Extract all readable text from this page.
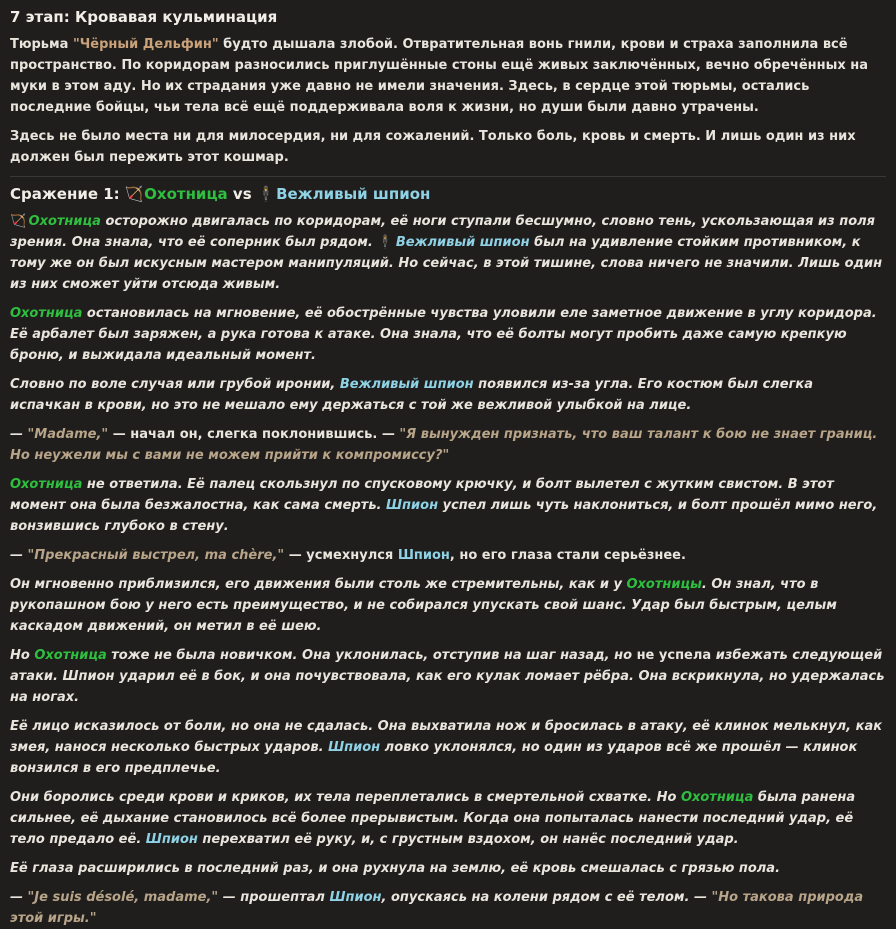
7 этап: Кровавая кульминация

Тюрьма "Чёрный Дельфин" будто дышала злобой. Отвратительная вонь гнили, крови и страха заполнила всё пространство. По коридорам разносились приглушённые стоны ещё живых заключённых, вечно обречённых на муки в этом аду. Но их страдания уже давно не имели значения. Здесь, в сердце этой тюрьмы, остались последние бойцы, чьи тела всё ещё поддерживала воля к жизни, но души были давно утрачены.

Здесь не было места ни для милосердия, ни для сожалений. Только боль, кровь и смерть. И лишь один из них должен был пережить этот кошмар.

Сражение 1: 🏹 Охотница vs 🕴 Вежливый шпион

🏹 Охотница осторожно двигалась по коридорам, её ноги ступали бесшумно, словно тень, ускользающая из поля зрения. Она знала, что её соперник был рядом. 🕴 Вежливый шпион был на удивление стойким противником, к тому же он был искусным мастером манипуляций. Но сейчас, в этой тишине, слова ничего не значили. Лишь один из них сможет уйти отсюда живым.

Охотница остановилась на мгновение, её обострённые чувства уловили еле заметное движение в углу коридора. Её арбалет был заряжен, а рука готова к атаке. Она знала, что её болты могут пробить даже самую крепкую броню, и выжидала идеальный момент.

Словно по воле случая или грубой иронии, Вежливый шпион появился из-за угла. Его костюм был слегка испачкан в крови, но это не мешало ему держаться с той же вежливой улыбкой на лице.

— "Madame," — начал он, слегка поклонившись. — "Я вынужден признать, что ваш талант к бою не знает границ. Но неужели мы с вами не можем прийти к компромиссу?"

Охотница не ответила. Её палец скользнул по спусковому крючку, и болт вылетел с жутким свистом. В этот момент она была безжалостна, как сама смерть. Шпион успел лишь чуть наклониться, и болт прошёл мимо него, вонзившись глубоко в стену.

— "Прекрасный выстрел, ma chère," — усмехнулся Шпион, но его глаза стали серьёзнее.

Он мгновенно приблизился, его движения были столь же стремительны, как и у Охотницы. Он знал, что в рукопашном бою у него есть преимущество, и не собирался упускать свой шанс. Удар был быстрым, целым каскадом движений, он метил в её шею.

Но Охотница тоже не была новичком. Она уклонилась, отступив на шаг назад, но не успела избежать следующей атаки. Шпион ударил её в бок, и она почувствовала, как его кулак ломает рёбра. Она вскрикнула, но удержалась на ногах.

Её лицо исказилось от боли, но она не сдалась. Она выхватила нож и бросилась в атаку, её клинок мелькнул, как змея, нанося несколько быстрых ударов. Шпион ловко уклонялся, но один из ударов всё же прошёл — клинок вонзился в его предплечье.

Они боролись среди крови и криков, их тела переплетались в смертельной схватке. Но Охотница была ранена сильнее, её дыхание становилось всё более прерывистым. Когда она попыталась нанести последний удар, её тело предало её. Шпион перехватил её руку, и, с грустным вздохом, он нанёс последний удар.

Её глаза расширились в последний раз, и она рухнула на землю, её кровь смешалась с грязью пола.

— "Je suis désolé, madame," — прошептал Шпион, опускаясь на колени рядом с её телом. — "Но такова природа этой игры."
